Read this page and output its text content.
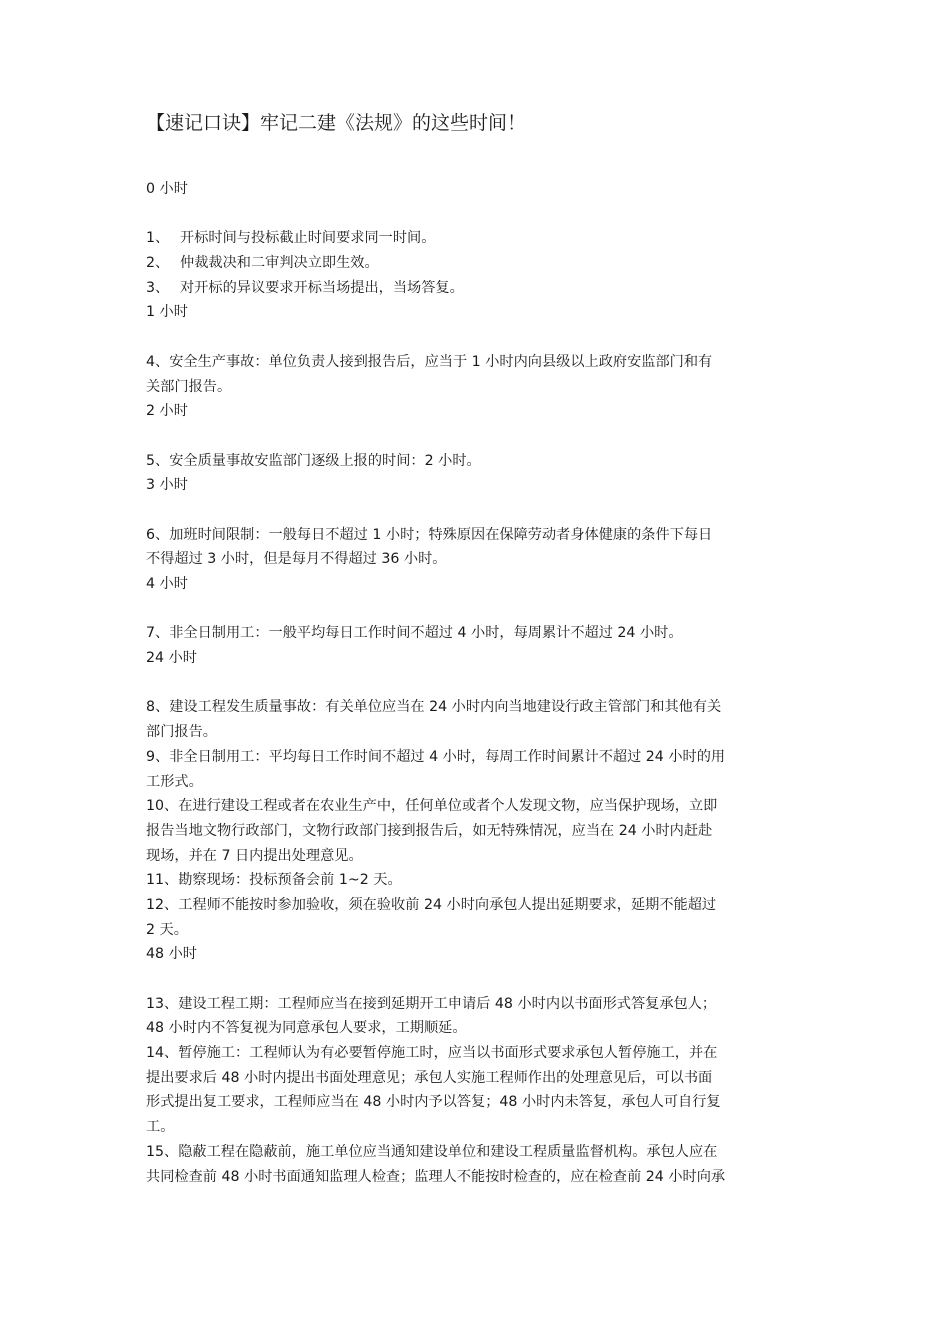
【速记口诀】牢记二建《法规》的这些时间！
0 小时
1、 开标时间与投标截止时间要求同一时间。
2、 仲裁裁决和二审判决立即生效。
3、 对开标的异议要求开标当场提出，当场答复。
1 小时
4、安全生产事故：单位负责人接到报告后，应当于 1 小时内向县级以上政府安监部门和有
关部门报告。
2 小时
5、安全质量事故安监部门逐级上报的时间：2 小时。
3 小时
6、加班时间限制：一般每日不超过 1 小时；特殊原因在保障劳动者身体健康的条件下每日
不得超过 3 小时，但是每月不得超过 36 小时。
4 小时
7、非全日制用工：一般平均每日工作时间不超过 4 小时，每周累计不超过 24 小时。
24 小时
8、建设工程发生质量事故：有关单位应当在 24 小时内向当地建设行政主管部门和其他有关
部门报告。
9、非全日制用工：平均每日工作时间不超过 4 小时，每周工作时间累计不超过 24 小时的用
工形式。
10、在进行建设工程或者在农业生产中，任何单位或者个人发现文物，应当保护现场，立即
报告当地文物行政部门，文物行政部门接到报告后，如无特殊情况，应当在 24 小时内赶赴
现场，并在 7 日内提出处理意见。
11、勘察现场：投标预备会前 1~2 天。
12、工程师不能按时参加验收，须在验收前 24 小时向承包人提出延期要求，延期不能超过
2 天。
48 小时
13、建设工程工期：工程师应当在接到延期开工申请后 48 小时内以书面形式答复承包人；
48 小时内不答复视为同意承包人要求，工期顺延。
14、暂停施工：工程师认为有必要暂停施工时，应当以书面形式要求承包人暂停施工，并在
提出要求后 48 小时内提出书面处理意见；承包人实施工程师作出的处理意见后，可以书面
形式提出复工要求，工程师应当在 48 小时内予以答复；48 小时内未答复，承包人可自行复
工。
15、隐蔽工程在隐蔽前，施工单位应当通知建设单位和建设工程质量监督机构。承包人应在
共同检查前 48 小时书面通知监理人检查；监理人不能按时检查的，应在检查前 24 小时向承
